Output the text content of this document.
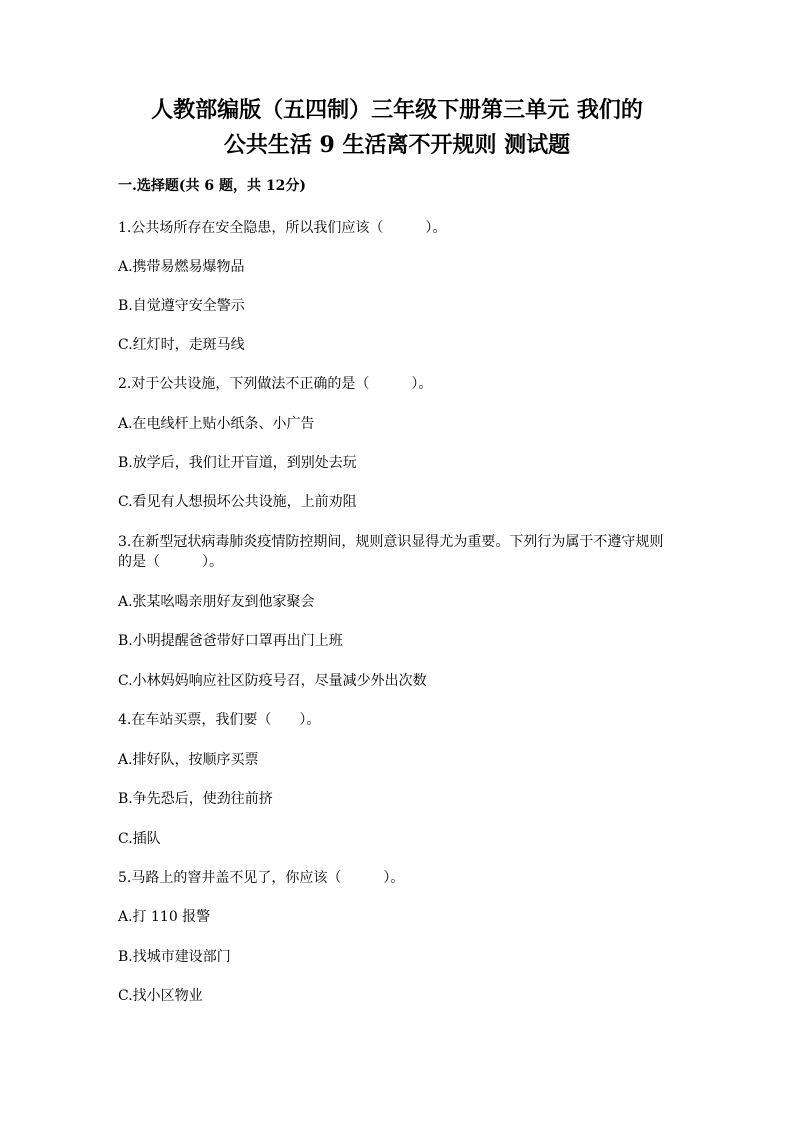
人教部编版（五四制）三年级下册第三单元 我们的
公共生活 9 生活离不开规则 测试题

一.选择题(共 6 题，共 12分)

1.公共场所存在安全隐患，所以我们应该（　　　）。

A.携带易燃易爆物品

B.自觉遵守安全警示

C.红灯时，走斑马线

2.对于公共设施，下列做法不正确的是（　　　）。

A.在电线杆上贴小纸条、小广告

B.放学后，我们让开盲道，到别处去玩

C.看见有人想损坏公共设施，上前劝阻

3.在新型冠状病毒肺炎疫情防控期间，规则意识显得尤为重要。下列行为属于不遵守规则的是（　　　）。

A.张某吆喝亲朋好友到他家聚会

B.小明提醒爸爸带好口罩再出门上班

C.小林妈妈响应社区防疫号召，尽量减少外出次数

4.在车站买票，我们要（　　）。

A.排好队，按顺序买票

B.争先恐后，使劲往前挤

C.插队

5.马路上的窨井盖不见了，你应该（　　　）。

A.打 110 报警

B.找城市建设部门

C.找小区物业
